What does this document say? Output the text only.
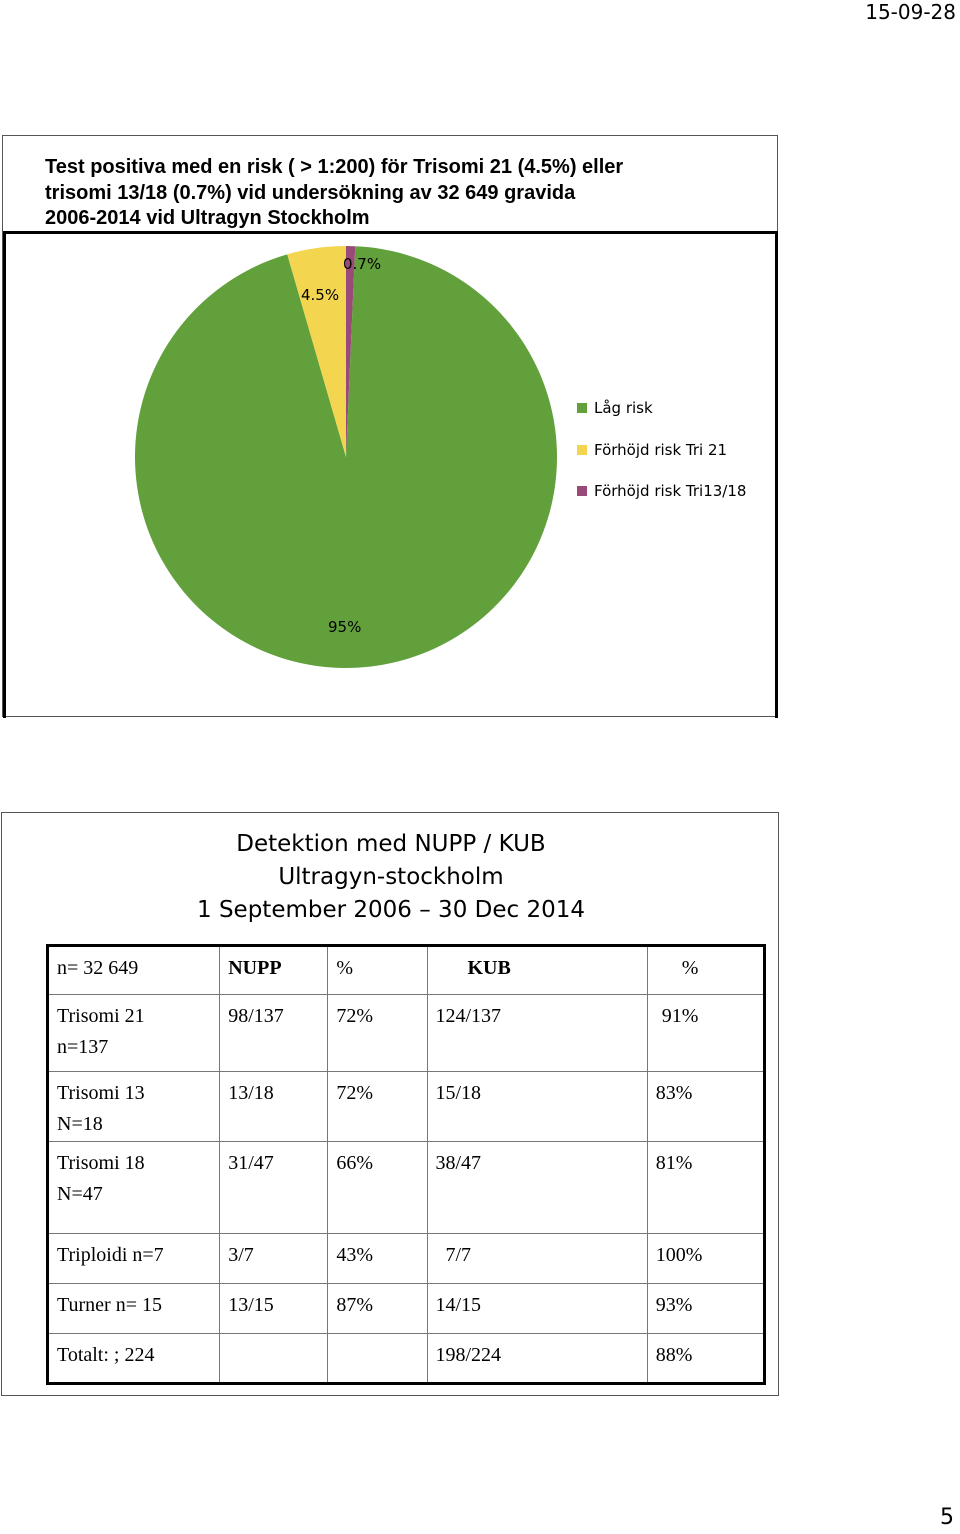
15-09-28
Test positiva med en risk ( > 1:200) för Trisomi 21 (4.5%) eller
trisomi 13/18 (0.7%) vid undersökning av 32 649 gravida
2006-2014 vid Ultragyn Stockholm
4.5%
0.7%
95%
Låg risk
Förhöjd risk Tri 21
Förhöjd risk Tri13/18
Detektion med NUPP / KUB
Ultragyn-stockholm
1 September 2006 – 30 Dec 2014
n= 32 649	NUPP	%	KUB	%

Trisomi 21
n=137	98/137	72%	124/137	91%

Trisomi 13
N=18	13/18	72%	15/18	83%

Trisomi 18
N=47	31/47	66%	38/47	81%

Triploidi n=7	3/7	43%	7/7	100%

Turner n= 15	13/15	87%	14/15	93%

Totalt: ; 224			198/224	88%
5
